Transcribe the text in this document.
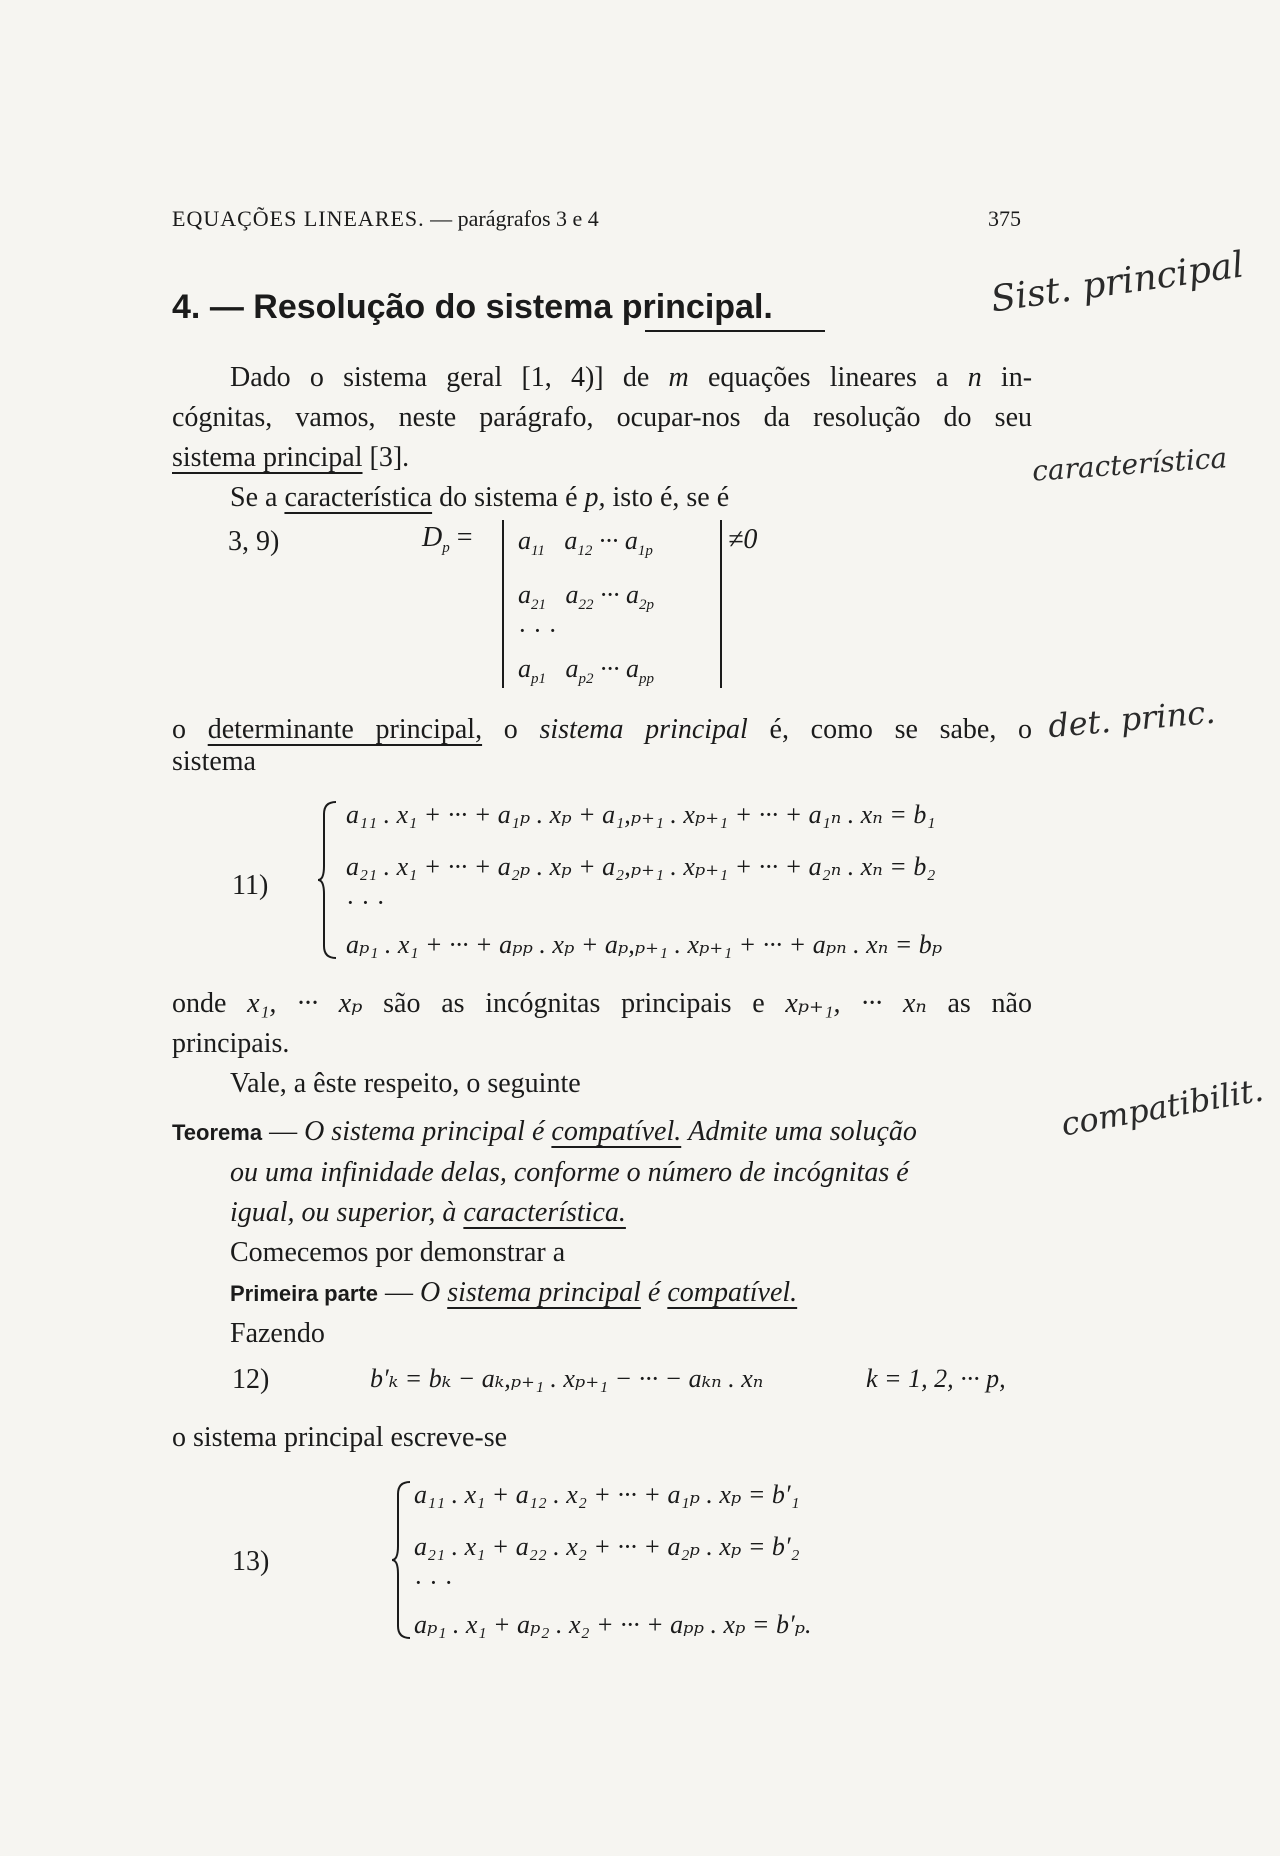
EQUAÇÕES LINEARES. — parágrafos 3 e 4	375
4. — Resolução do sistema principal.
Dado o sistema geral [1, 4)] de m equações lineares a n in-
cógnitas, vamos, neste parágrafo, ocupar-nos da resolução do seu
sistema principal [3].
Se a característica do sistema é p, isto é, se é
3, 9)	$D_p$ =	≠0
$a_{11}$ $a_{12}$ ··· $a_{1p}$
$a_{21}$ $a_{22}$ ··· $a_{2p}$
· · ·
$a_{p1}$ $a_{p2}$ ··· $a_{pp}$
o determinante principal, o sistema principal é, como se sabe, o
sistema
11)
a₁₁ . x₁ + ··· + a₁ₚ . xₚ + a₁,ₚ₊₁ . xₚ₊₁ + ··· + a₁ₙ . xₙ = b₁
a₂₁ . x₁ + ··· + a₂ₚ . xₚ + a₂,ₚ₊₁ . xₚ₊₁ + ··· + a₂ₙ . xₙ = b₂
· · ·
aₚ₁ . x₁ + ··· + aₚₚ . xₚ + aₚ,ₚ₊₁ . xₚ₊₁ + ··· + aₚₙ . xₙ = bₚ
onde x₁, ··· xₚ são as incógnitas principais e xₚ₊₁, ··· xₙ as não
principais.
Vale, a êste respeito, o seguinte
Teorema — O sistema principal é compatível. Admite uma solução
ou uma infinidade delas, conforme o número de incógnitas é
igual, ou superior, à característica.
Comecemos por demonstrar a
Primeira parte — O sistema principal é compatível.
Fazendo
12)	b′ₖ = bₖ − aₖ,ₚ₊₁ . xₚ₊₁ − ··· − aₖₙ . xₙ	k = 1, 2, ··· p,
o sistema principal escreve-se
13)
a₁₁ . x₁ + a₁₂ . x₂ + ··· + a₁ₚ . xₚ = b′₁
a₂₁ . x₁ + a₂₂ . x₂ + ··· + a₂ₚ . xₚ = b′₂
· · ·
aₚ₁ . x₁ + aₚ₂ . x₂ + ··· + aₚₚ . xₚ = b′ₚ.
Sist. principal
característica
det. princ.
compatibilit.
